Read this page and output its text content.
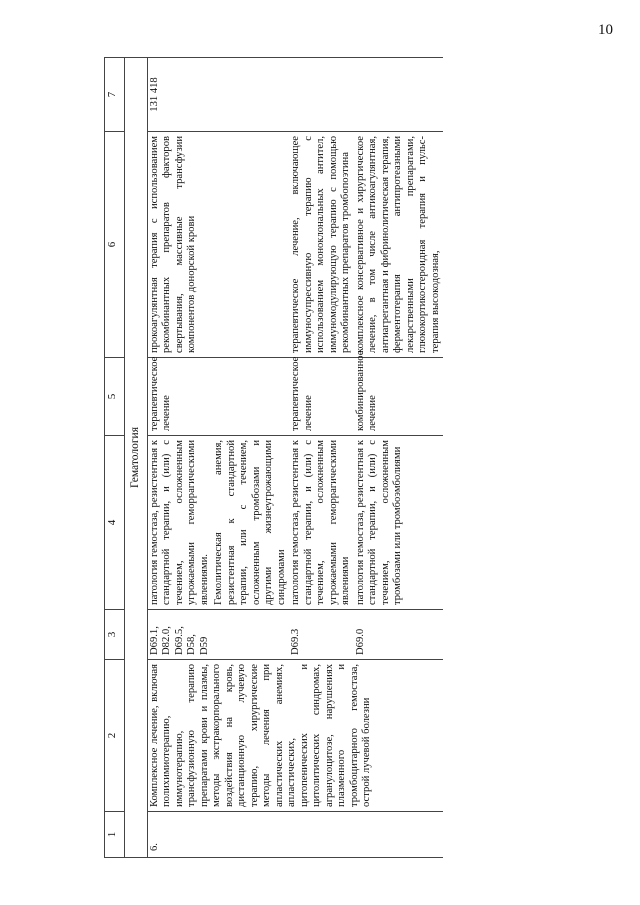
10
1	2	3	4	5	6	7
Гематология						
6.	Комплексное лечение, включая полихимиотерапию, иммунотерапию, трансфузионную терапию препаратами крови и плазмы, методы экстракорпорального воздействия на кровь, дистанционную лучевую терапию, хирургические методы лечения при апластических анемиях, апластических, цитопенических и цитолитических синдромах, агранулоцитозе, нарушениях плазменного и тромбоцитарного гемостаза, острой лучевой болезни	D69.1, D82.0, D69.5, D58, D59	патология гемостаза, резистентная к стандартной терапии, и (или) с течением, осложненным угрожаемыми геморрагическими явлениями.	терапевтическое лечение	прокоагулянтная терапия с использованием рекомбинантных препаратов факторов свертывания, массивные трансфузии компонентов донорской крови	131 418
			Гемолитическая анемия, резистентная к стандартной терапии, или с течением, осложненным тромбозами и другими жизнеугрожающими синдромами			
		D69.3	патология гемостаза, резистентная к стандартной терапии, и (или) с течением, осложненным угрожаемыми геморрагическими явлениями	терапевтическое лечение	терапевтическое лечение, включающее иммуносупрессивную терапию с использованием моноклональных антител, иммуномодулирующую терапию с помощью рекомбинантных препаратов тромбопоэтина	
		D69.0	патология гемостаза, резистентная к стандартной терапии, и (или) с течением, осложненным тромбозами или тромбоэмболиями	комбинированное лечение	комплексное консервативное и хирургическое лечение, в том числе антикоагулянтная, антиагрегантная и фибринолитическая терапия, ферментотерапия антипротеазными лекарственными препаратами, глюкокортикостероидная терапия и пульс-терапия высокодозная,	
